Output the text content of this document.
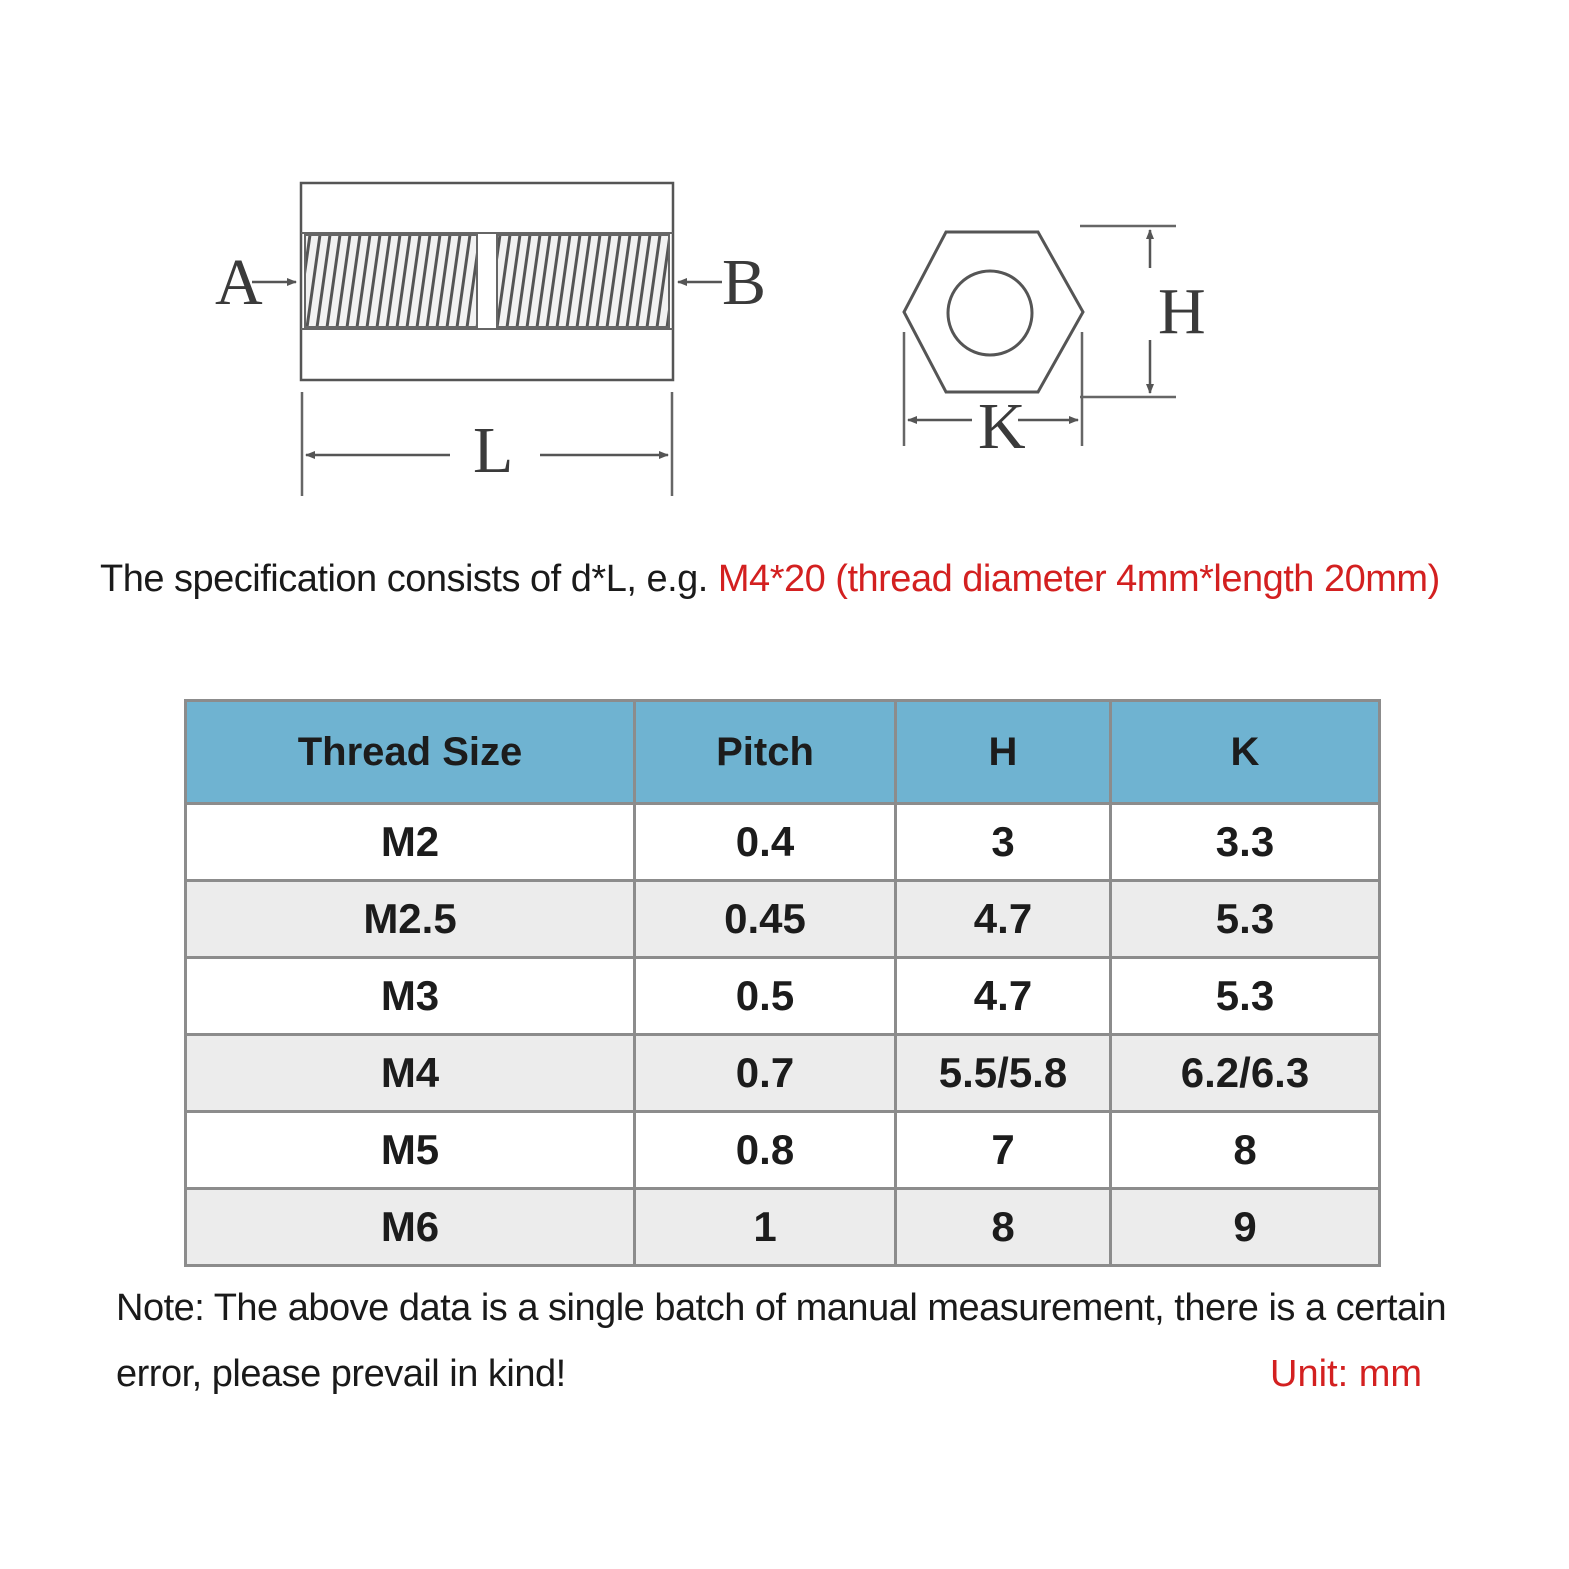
A	B
L
H
K

The specification consists of d*L, e.g. M4*20 (thread diameter 4mm*length 20mm)

Thread Size	Pitch	H	K
M2	0.4	3	3.3
M2.5	0.45	4.7	5.3
M3	0.5	4.7	5.3
M4	0.7	5.5/5.8	6.2/6.3
M5	0.8	7	8
M6	1	8	9

Note: The above data is a single batch of manual measurement, there is a certain error, please prevail in kind!	Unit: mm
